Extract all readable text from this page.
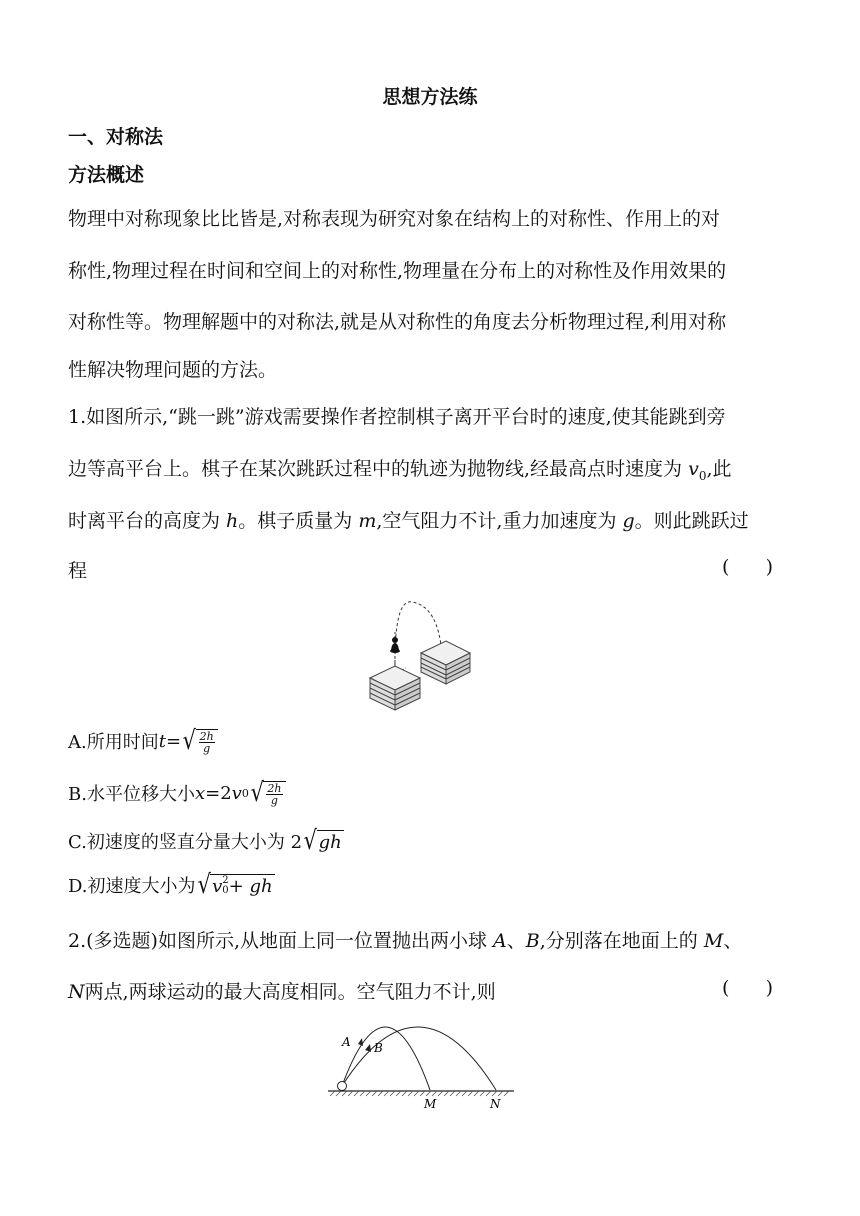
思想方法练
一、对称法
方法概述
物理中对称现象比比皆是,对称表现为研究对象在结构上的对称性、作用上的对
称性,物理过程在时间和空间上的对称性,物理量在分布上的对称性及作用效果的
对称性等。物理解题中的对称法,就是从对称性的角度去分析物理过程,利用对称
性解决物理问题的方法。
1.如图所示,“跳一跳”游戏需要操作者控制棋子离开平台时的速度,使其能跳到旁
边等高平台上。棋子在某次跳跃过程中的轨迹为抛物线,经最高点时速度为 $v_0$,此
时离平台的高度为 h。棋子质量为 m,空气阻力不计,重力加速度为 g。则此跳跃过
程	(      )
A.所用时间 t = √ $\frac{2h}{g}$
B.水平位移大小 x =2 v 0 √ $\frac{2h}{g}$
C.初速度的竖直分量大小为 2 √ gh
D.初速度大小为 √ v 2
0 + gh
2.(多选题)如图所示,从地面上同一位置抛出两小球 A、B,分别落在地面上的 M、
N两点,两球运动的最大高度相同。空气阻力不计,则	(      )
A B
M	N
